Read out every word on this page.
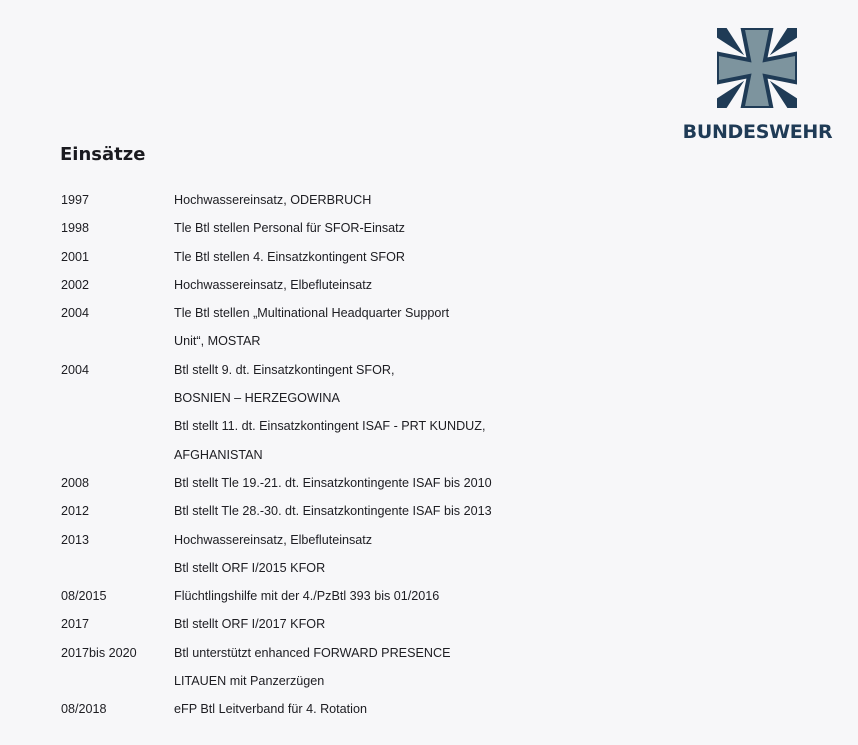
BUNDESWEHR
Einsätze
1997	Hochwassereinsatz, ODERBRUCH
1998	Tle Btl stellen Personal für SFOR-Einsatz
2001	Tle Btl stellen 4. Einsatzkontingent SFOR
2002	Hochwassereinsatz, Elbefluteinsatz
2004	Tle Btl stellen „Multinational Headquarter Support
Unit“, MOSTAR
2004	Btl stellt 9. dt. Einsatzkontingent SFOR,
BOSNIEN – HERZEGOWINA
Btl stellt 11. dt. Einsatzkontingent ISAF - PRT KUNDUZ,
AFGHANISTAN
2008	Btl stellt Tle 19.-21. dt. Einsatzkontingente ISAF bis 2010
2012	Btl stellt Tle 28.-30. dt. Einsatzkontingente ISAF bis 2013
2013	Hochwassereinsatz, Elbefluteinsatz
Btl stellt ORF I/2015 KFOR
08/2015	Flüchtlingshilfe mit der 4./PzBtl 393 bis 01/2016
2017	Btl stellt ORF I/2017 KFOR
2017bis 2020	Btl unterstützt enhanced FORWARD PRESENCE
LITAUEN mit Panzerzügen
08/2018	eFP Btl Leitverband für 4. Rotation
